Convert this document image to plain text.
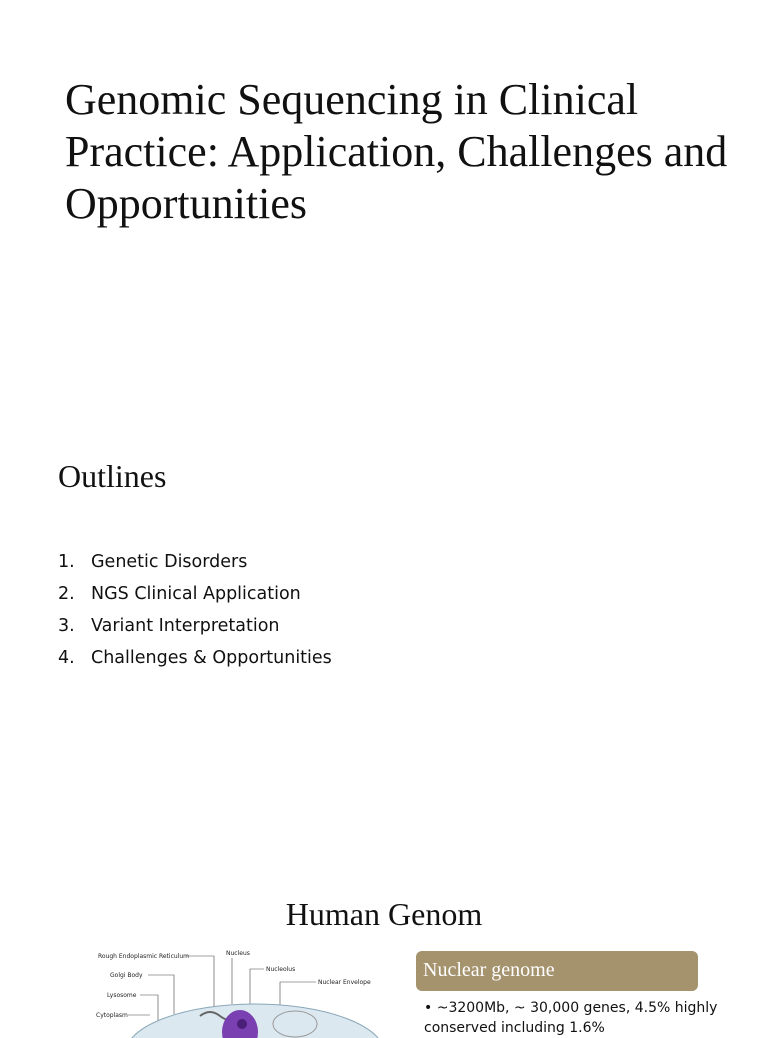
Genomic Sequencing in Clinical Practice: Application, Challenges and Opportunities
Outlines
1. Genetic Disorders
2. NGS Clinical Application
3. Variant Interpretation
4. Challenges & Opportunities
Human Genom
Rough Endoplasmic Reticulum
Golgi Body
Lysosome
Cytoplasm
Nucleus
Nucleolus
Nuclear Envelope
Nuclear genome

• ~3200Mb, ~ 30,000 genes, 4.5% highly conserved including 1.6%
